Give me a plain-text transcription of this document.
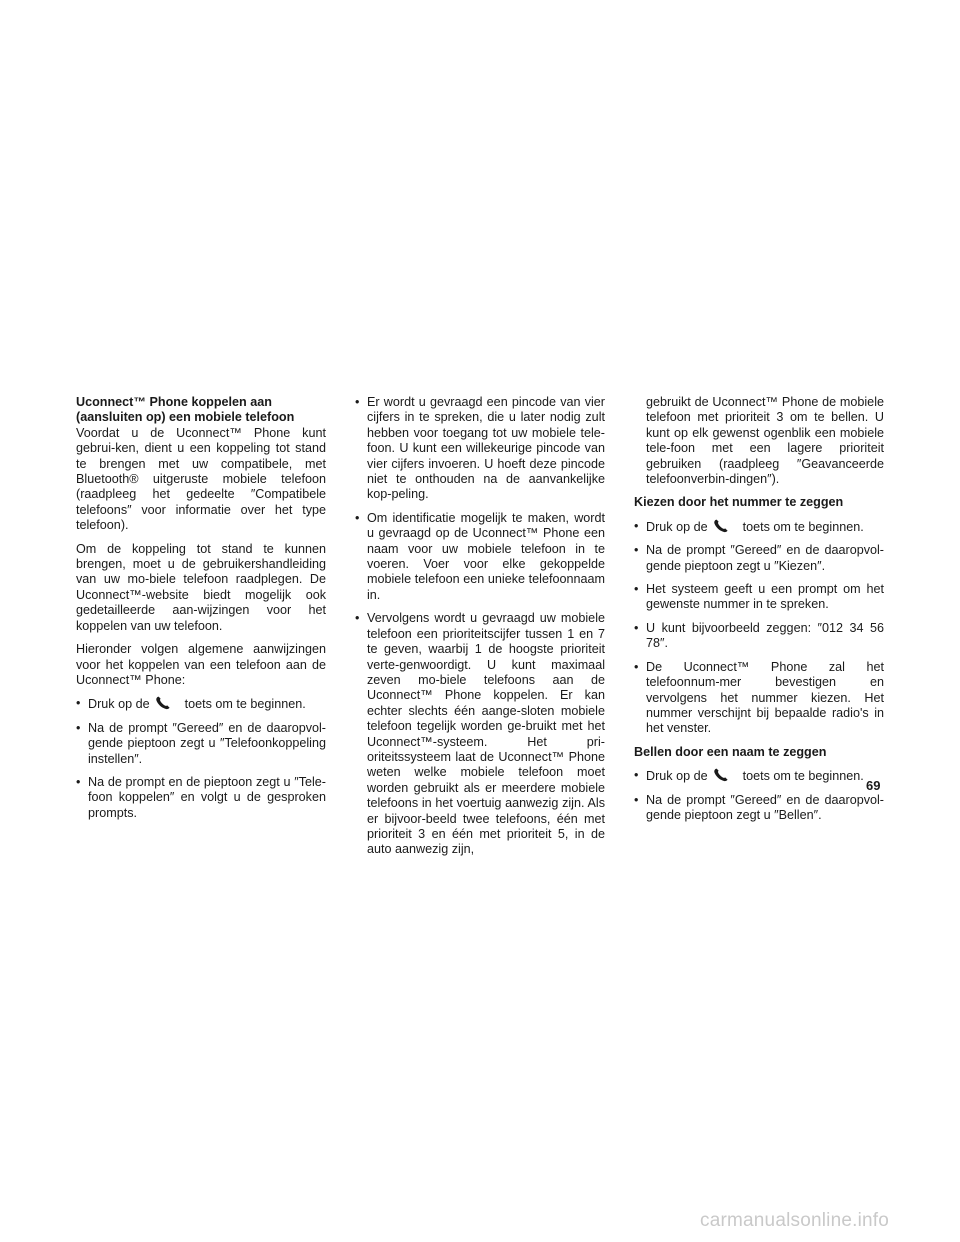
Uconnect™ Phone koppelen aan (aansluiten op) een mobiele telefoon

Voordat u de Uconnect™ Phone kunt gebrui-ken, dient u een koppeling tot stand te brengen met uw compatibele, met Bluetooth® uitgeruste mobiele telefoon (raadpleeg het gedeelte ″Compatibele telefoons″ voor informatie over het type telefoon).

Om de koppeling tot stand te kunnen brengen, moet u de gebruikershandleiding van uw mo-biele telefoon raadplegen. De Uconnect™-website biedt mogelijk ook gedetailleerde aan-wijzingen voor het koppelen van uw telefoon.

Hieronder volgen algemene aanwijzingen voor het koppelen van een telefoon aan de Uconnect™ Phone:

• Druk op de	toets om te beginnen.
• Na de prompt ″Gereed″ en de daaropvol-gende pieptoon zegt u ″Telefoonkoppeling instellen″.
• Na de prompt en de pieptoon zegt u ″Tele-foon koppelen″ en volgt u de gesproken prompts.
• Er wordt u gevraagd een pincode van vier cijfers in te spreken, die u later nodig zult hebben voor toegang tot uw mobiele tele-foon. U kunt een willekeurige pincode van vier cijfers invoeren. U hoeft deze pincode niet te onthouden na de aanvankelijke kop-peling.
• Om identificatie mogelijk te maken, wordt u gevraagd op de Uconnect™ Phone een naam voor uw mobiele telefoon in te voeren. Voer voor elke gekoppelde mobiele telefoon een unieke telefoonnaam in.
• Vervolgens wordt u gevraagd uw mobiele telefoon een prioriteitscijfer tussen 1 en 7 te geven, waarbij 1 de hoogste prioriteit verte-genwoordigt. U kunt maximaal zeven mo-biele telefoons aan de Uconnect™ Phone koppelen. Er kan echter slechts één aange-sloten mobiele telefoon tegelijk worden ge-bruikt met het Uconnect™-systeem. Het pri-oriteitssysteem laat de Uconnect™ Phone weten welke mobiele telefoon moet worden gebruikt als er meerdere mobiele telefoons in het voertuig aanwezig zijn. Als er bijvoor-beeld twee telefoons, één met prioriteit 3 en één met prioriteit 5, in de auto aanwezig zijn,
gebruikt de Uconnect™ Phone de mobiele telefoon met prioriteit 3 om te bellen. U kunt op elk gewenst ogenblik een mobiele tele-foon met een lagere prioriteit gebruiken (raadpleeg ″Geavanceerde telefoonverbin-dingen″).

Kiezen door het nummer te zeggen

• Druk op de	toets om te beginnen.
• Na de prompt ″Gereed″ en de daaropvol-gende pieptoon zegt u ″Kiezen″.
• Het systeem geeft u een prompt om het gewenste nummer in te spreken.
• U kunt bijvoorbeeld zeggen: ″012 34 56 78″.
• De Uconnect™ Phone zal het telefoonnum-mer bevestigen en vervolgens het nummer kiezen. Het nummer verschijnt bij bepaalde radio's in het venster.

Bellen door een naam te zeggen

• Druk op de	toets om te beginnen.
• Na de prompt ″Gereed″ en de daaropvol-gende pieptoon zegt u ″Bellen″.
69
carmanualsonline.info
